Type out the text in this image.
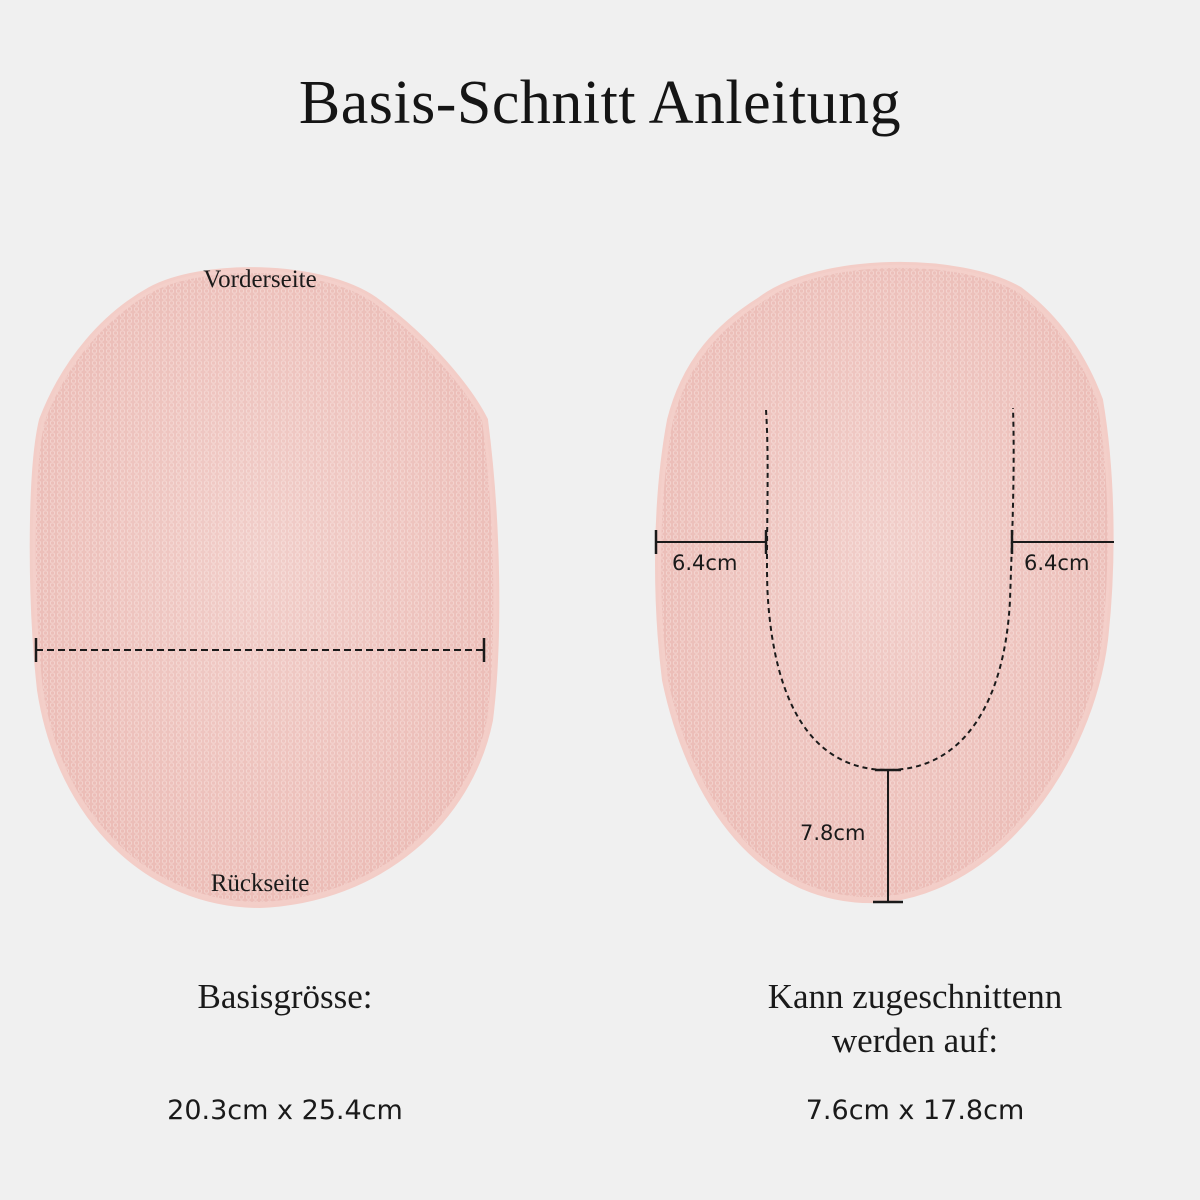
Basis-Schnitt Anleitung
Vorderseite
Rückseite
6.4cm	6.4cm
7.8cm
Basisgrösse:
20.3cm x 25.4cm
Kann zugeschnittenn
werden auf:
7.6cm x 17.8cm
